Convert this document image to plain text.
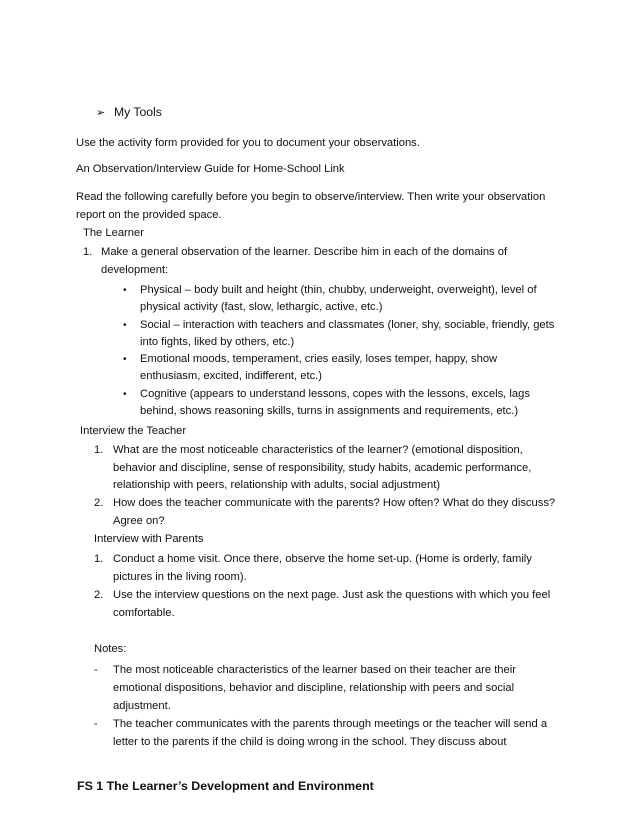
➢ My Tools
Use the activity form provided for you to document your observations.
An Observation/Interview Guide for Home-School Link
Read the following carefully before you begin to observe/interview. Then write your observation
report on the provided space.
The Learner
1. Make a general observation of the learner. Describe him in each of the domains of
development:
• Physical – body built and height (thin, chubby, underweight, overweight), level of
physical activity (fast, slow, lethargic, active, etc.)
• Social – interaction with teachers and classmates (loner, shy, sociable, friendly, gets
into fights, liked by others, etc.)
• Emotional moods, temperament, cries easily, loses temper, happy, show
enthusiasm, excited, indifferent, etc.)
• Cognitive (appears to understand lessons, copes with the lessons, excels, lags
behind, shows reasoning skills, turns in assignments and requirements, etc.)
Interview the Teacher
1. What are the most noticeable characteristics of the learner? (emotional disposition,
behavior and discipline, sense of responsibility, study habits, academic performance,
relationship with peers, relationship with adults, social adjustment)
2. How does the teacher communicate with the parents? How often? What do they discuss?
Agree on?
Interview with Parents
1. Conduct a home visit. Once there, observe the home set-up. (Home is orderly, family
pictures in the living room).
2. Use the interview questions on the next page. Just ask the questions with which you feel
comfortable.
Notes:
- The most noticeable characteristics of the learner based on their teacher are their
emotional dispositions, behavior and discipline, relationship with peers and social
adjustment.
- The teacher communicates with the parents through meetings or the teacher will send a
letter to the parents if the child is doing wrong in the school. They discuss about
FS 1 The Learner’s Development and Environment
